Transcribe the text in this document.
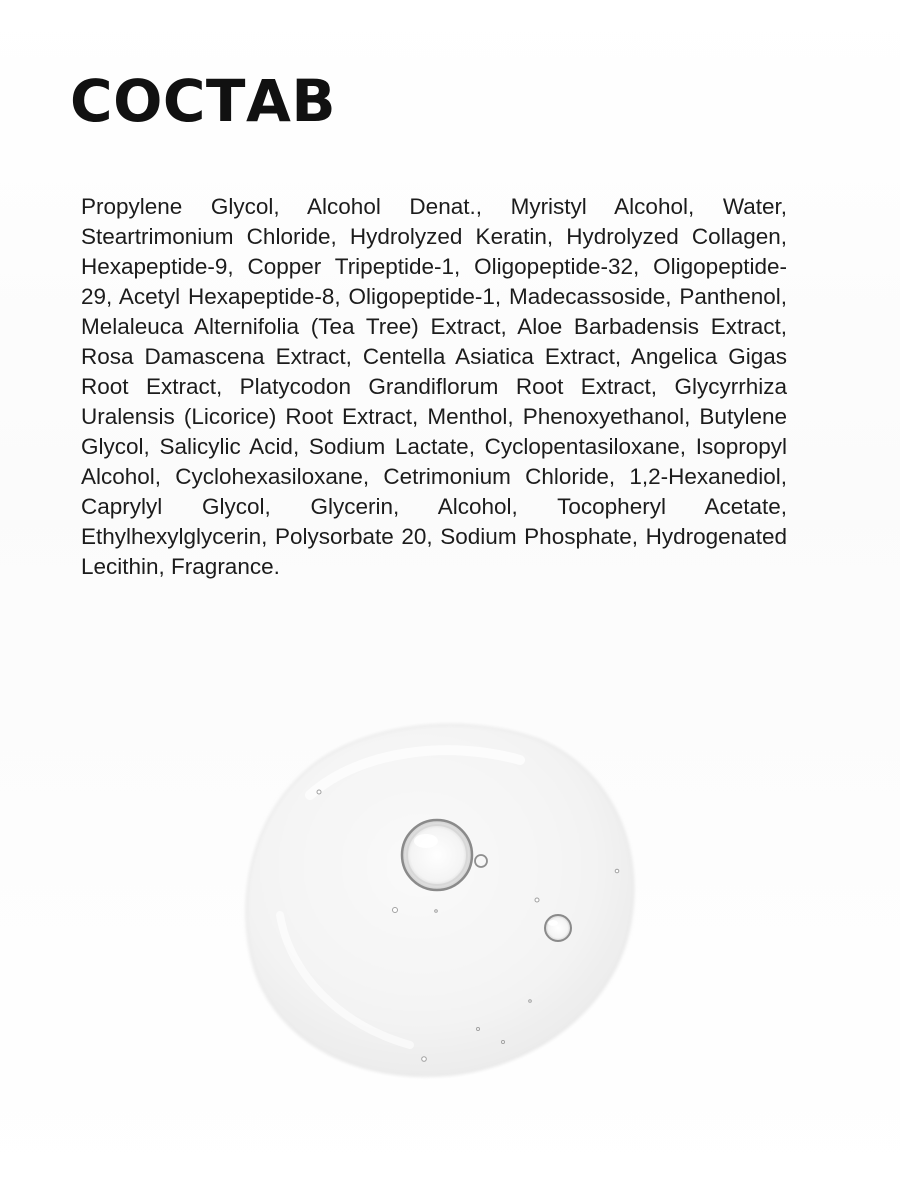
СОСТАВ

Propylene Glycol, Alcohol Denat., Myristyl Alcohol, Water, Steartrimonium Chloride, Hydrolyzed Keratin, Hydrolyzed Collagen, Hexapeptide-9, Copper Tripeptide-1, Oligopeptide-32, Oligopeptide-29, Acetyl Hexapeptide-8, Oligopeptide-1, Madecassoside, Panthenol, Melaleuca Alternifolia (Tea Tree) Extract, Aloe Barbadensis Extract, Rosa Damascena Extract, Centella Asiatica Extract, Angelica Gigas Root Extract, Platycodon Grandiflorum Root Extract, Glycyrrhiza Uralensis (Licorice) Root Extract, Menthol, Phenoxyethanol, Butylene Glycol, Salicylic Acid, Sodium Lactate, Cyclopentasiloxane, Isopropyl Alcohol, Cyclohexasiloxane, Cetrimonium Chloride, 1,2-Hexanediol, Caprylyl Glycol, Glycerin, Alcohol, Tocopheryl Acetate, Ethylhexylglycerin, Polysorbate 20, Sodium Phosphate, Hydrogenated Lecithin, Fragrance.
